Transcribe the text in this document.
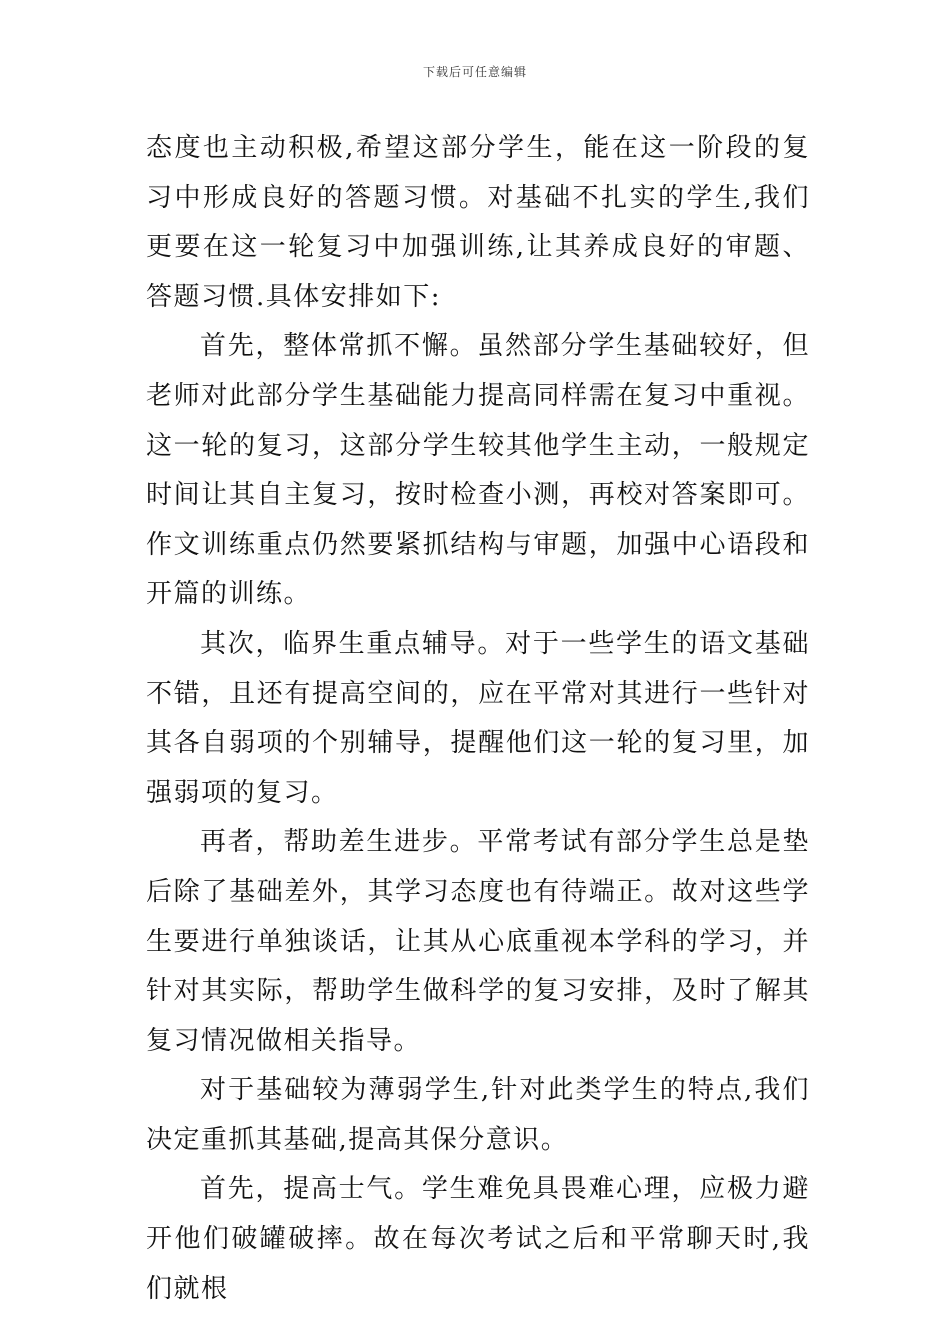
下载后可任意编辑

态度也主动积极,希望这部分学生，能在这一阶段的复习中形成良好的答题习惯。对基础不扎实的学生,我们更要在这一轮复习中加强训练,让其养成良好的审题、答题习惯.具体安排如下:

首先，整体常抓不懈。虽然部分学生基础较好，但老师对此部分学生基础能力提高同样需在复习中重视。这一轮的复习，这部分学生较其他学生主动，一般规定时间让其自主复习，按时检查小测，再校对答案即可。作文训练重点仍然要紧抓结构与审题，加强中心语段和开篇的训练。

其次，临界生重点辅导。对于一些学生的语文基础不错，且还有提高空间的，应在平常对其进行一些针对其各自弱项的个别辅导，提醒他们这一轮的复习里，加强弱项的复习。

再者，帮助差生进步。平常考试有部分学生总是垫后除了基础差外，其学习态度也有待端正。故对这些学生要进行单独谈话，让其从心底重视本学科的学习，并针对其实际，帮助学生做科学的复习安排，及时了解其复习情况做相关指导。

对于基础较为薄弱学生,针对此类学生的特点,我们决定重抓其基础,提高其保分意识。

首先，提高士气。学生难免具畏难心理，应极力避开他们破罐破摔。故在每次考试之后和平常聊天时,我们就根
